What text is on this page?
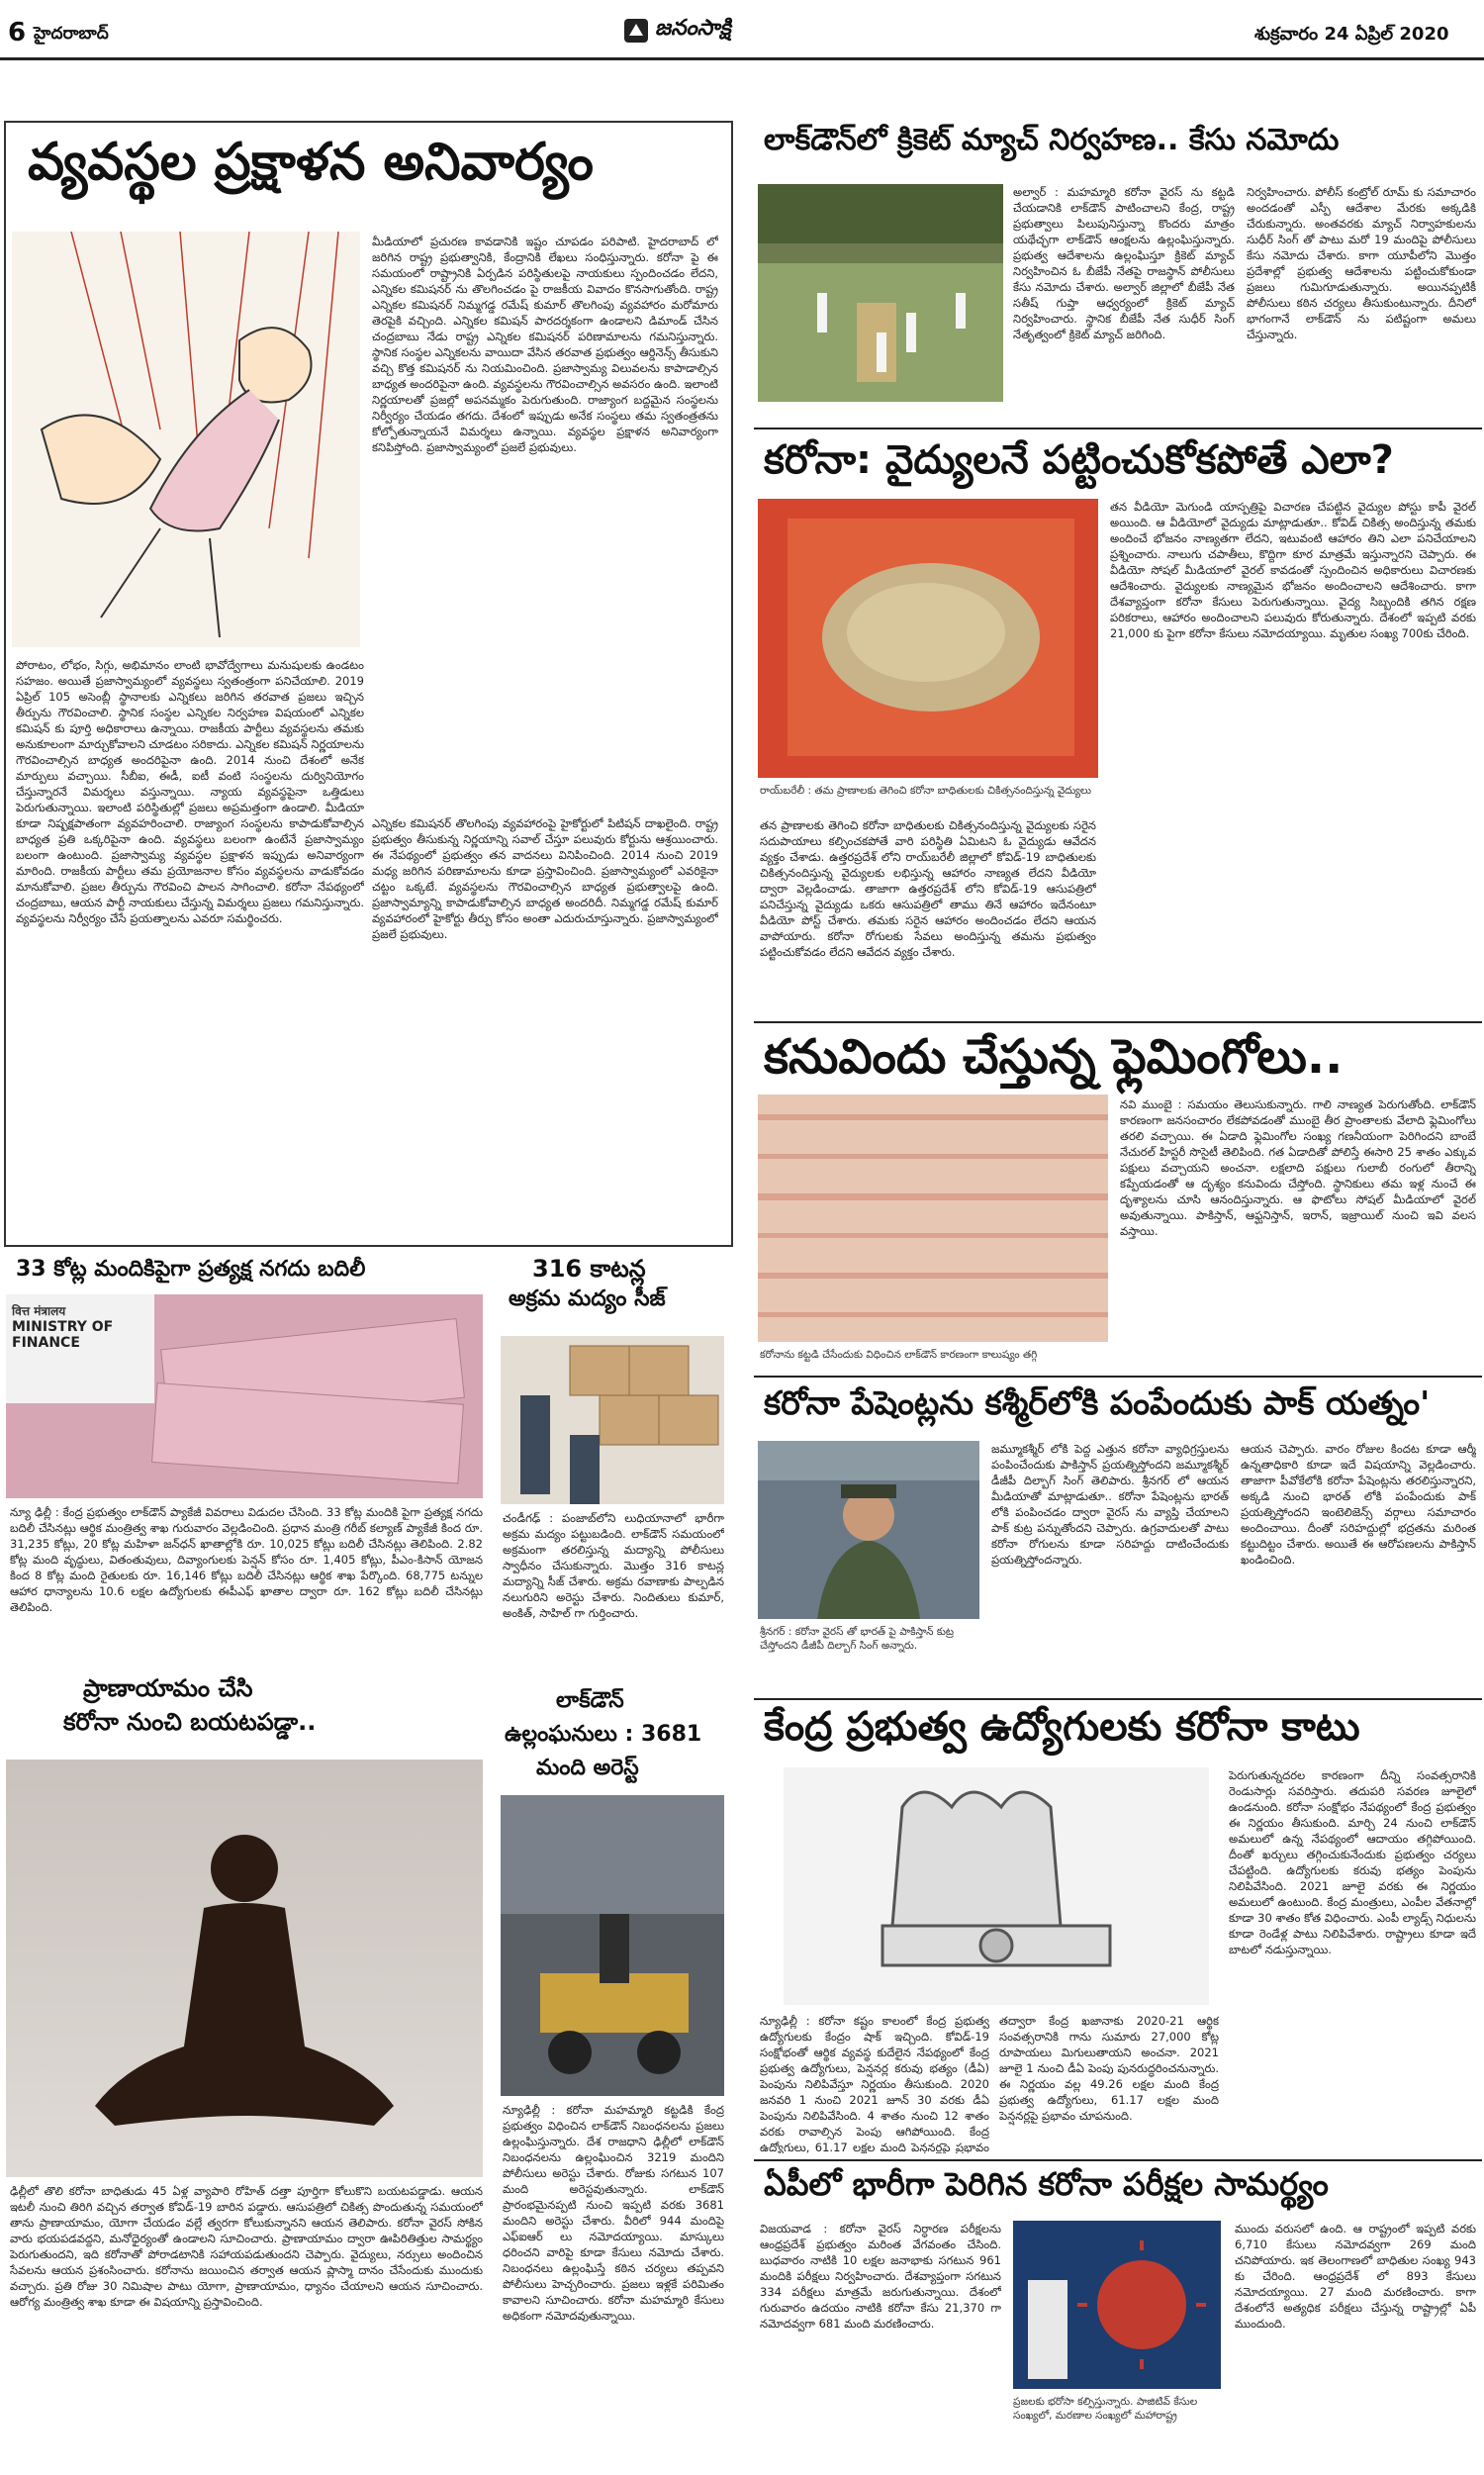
6 హైదరాబాద్	జనంసాక్షి	శుక్రవారం 24 ఏప్రిల్ 2020
వ్యవస్థల ప్రక్షాళన అనివార్యం
మీడియాలో ప్రచురణ కావడానికి ఇష్టం చూపడం పరిపాటి. హైదరాబాద్ లో జరిగిన రాష్ట్ర ప్రభుత్వానికి, కేంద్రానికి లేఖలు సంధిస్తున్నారు. కరోనా పై ఈ సమయంలో రాష్ట్రానికి ఏర్పడిన పరిస్థితులపై నాయకులు స్పందించడం లేదని, ఎన్నికల కమిషనర్ ను తొలగించడం పై రాజకీయ వివాదం కొనసాగుతోంది. రాష్ట్ర ఎన్నికల కమిషనర్ నిమ్మగడ్డ రమేష్ కుమార్ తొలగింపు వ్యవహారం మరోమారు తెరపైకి వచ్చింది. ఎన్నికల కమిషన్ పారదర్శకంగా ఉండాలని డిమాండ్ చేసిన చంద్రబాబు నేడు రాష్ట్ర ఎన్నికల కమిషనర్ పరిణామాలను గమనిస్తున్నారు. స్థానిక సంస్థల ఎన్నికలను వాయిదా వేసిన తరవాత ప్రభుత్వం ఆర్డినెన్స్ తీసుకుని వచ్చి కొత్త కమిషనర్ ను నియమించింది. ప్రజాస్వామ్య విలువలను కాపాడాల్సిన బాధ్యత అందరిపైనా ఉంది. వ్యవస్థలను గౌరవించాల్సిన అవసరం ఉంది. ఇలాంటి నిర్ణయాలతో ప్రజల్లో అపనమ్మకం పెరుగుతుంది. రాజ్యాంగ బద్దమైన సంస్థలను నిర్వీర్యం చేయడం తగదు. దేశంలో ఇప్పుడు అనేక సంస్థలు తమ స్వతంత్రతను కోల్పోతున్నాయనే విమర్శలు ఉన్నాయి. వ్యవస్థల ప్రక్షాళన అనివార్యంగా కనిపిస్తోంది. ప్రజాస్వామ్యంలో ప్రజలే ప్రభువులు.
పోరాటం, లోభం, సిగ్గు, అభిమానం లాంటి భావోద్వేగాలు మనుషులకు ఉండటం సహజం. అయితే ప్రజాస్వామ్యంలో వ్యవస్థలు స్వతంత్రంగా పనిచేయాలి. 2019 ఏప్రిల్ 105 అసెంబ్లీ స్థానాలకు ఎన్నికలు జరిగిన తరవాత ప్రజలు ఇచ్చిన తీర్పును గౌరవించాలి. స్థానిక సంస్థల ఎన్నికల నిర్వహణ విషయంలో ఎన్నికల కమిషన్ కు పూర్తి అధికారాలు ఉన్నాయి. రాజకీయ పార్టీలు వ్యవస్థలను తమకు అనుకూలంగా మార్చుకోవాలని చూడటం సరికాదు. ఎన్నికల కమిషన్ నిర్ణయాలను గౌరవించాల్సిన బాధ్యత అందరిపైనా ఉంది. 2014 నుంచి దేశంలో అనేక మార్పులు వచ్చాయి. సీబీఐ, ఈడీ, ఐటీ వంటి సంస్థలను దుర్వినియోగం చేస్తున్నారనే విమర్శలు వస్తున్నాయి. న్యాయ వ్యవస్థపైనా ఒత్తిడులు పెరుగుతున్నాయి. ఇలాంటి పరిస్థితుల్లో ప్రజలు అప్రమత్తంగా ఉండాలి. మీడియా కూడా నిష్పక్షపాతంగా వ్యవహరించాలి. రాజ్యాంగ సంస్థలను కాపాడుకోవాల్సిన బాధ్యత ప్రతి ఒక్కరిపైనా ఉంది. వ్యవస్థలు బలంగా ఉంటేనే ప్రజాస్వామ్యం బలంగా ఉంటుంది. ప్రజాస్వామ్య వ్యవస్థల ప్రక్షాళన ఇప్పుడు అనివార్యంగా మారింది. రాజకీయ పార్టీలు తమ ప్రయోజనాల కోసం వ్యవస్థలను వాడుకోవడం మానుకోవాలి. ప్రజల తీర్పును గౌరవించి పాలన సాగించాలి. కరోనా నేపథ్యంలో చంద్రబాబు, ఆయన పార్టీ నాయకులు చేస్తున్న విమర్శలు ప్రజలు గమనిస్తున్నారు. వ్యవస్థలను నిర్వీర్యం చేసే ప్రయత్నాలను ఎవరూ సమర్థించరు.
ఎన్నికల కమిషనర్ తొలగింపు వ్యవహారంపై హైకోర్టులో పిటిషన్ దాఖలైంది. రాష్ట్ర ప్రభుత్వం తీసుకున్న నిర్ణయాన్ని సవాల్ చేస్తూ పలువురు కోర్టును ఆశ్రయించారు. ఈ నేపథ్యంలో ప్రభుత్వం తన వాదనలు వినిపించింది. 2014 నుంచి 2019 మధ్య జరిగిన పరిణామాలను కూడా ప్రస్తావించింది. ప్రజాస్వామ్యంలో ఎవరికైనా చట్టం ఒక్కటే. వ్యవస్థలను గౌరవించాల్సిన బాధ్యత ప్రభుత్వాలపై ఉంది. ప్రజాస్వామ్యాన్ని కాపాడుకోవాల్సిన బాధ్యత అందరిదీ. నిమ్మగడ్డ రమేష్ కుమార్ వ్యవహారంలో హైకోర్టు తీర్పు కోసం అంతా ఎదురుచూస్తున్నారు. ప్రజాస్వామ్యంలో ప్రజలే ప్రభువులు.
లాక్‌డౌన్‌లో క్రికెట్ మ్యాచ్ నిర్వహణ.. కేసు నమోదు
అల్వార్ : మహమ్మారి కరోనా వైరస్ ను కట్టడి చేయడానికి లాక్‌డౌన్ పాటించాలని కేంద్ర, రాష్ట్ర ప్రభుత్వాలు పిలుపునిస్తున్నా కొందరు మాత్రం యథేచ్ఛగా లాక్‌డౌన్ ఆంక్షలను ఉల్లంఘిస్తున్నారు. ప్రభుత్వ ఆదేశాలను ఉల్లంఘిస్తూ క్రికెట్ మ్యాచ్ నిర్వహించిన ఓ బీజేపీ నేతపై రాజస్థాన్ పోలీసులు కేసు నమోదు చేశారు. అల్వార్ జిల్లాలో బీజేపీ నేత సతీష్ గుప్తా ఆధ్వర్యంలో క్రికెట్ మ్యాచ్ నిర్వహించారు. స్థానిక బీజేపీ నేత సుధీర్ సింగ్ నేతృత్వంలో క్రికెట్ మ్యాచ్ జరిగింది.
నిర్వహించారు. పోలీస్ కంట్రోల్ రూమ్ కు సమాచారం అందడంతో ఎస్పీ ఆదేశాల మేరకు అక్కడికి చేరుకున్నారు. అంతవరకు మ్యాచ్ నిర్వాహకులను సుధీర్ సింగ్ తో పాటు మరో 19 మందిపై పోలీసులు కేసు నమోదు చేశారు. కాగా యూపీలోని మొత్తం ప్రదేశాల్లో ప్రభుత్వ ఆదేశాలను పట్టించుకోకుండా ప్రజలు గుమిగూడుతున్నారు. అయినప్పటికీ పోలీసులు కఠిన చర్యలు తీసుకుంటున్నారు. దీనిలో భాగంగానే లాక్‌డౌన్ ను పటిష్టంగా అమలు చేస్తున్నారు.
కరోనా: వైద్యులనే పట్టించుకోకపోతే ఎలా?
రాయ్‌బరేలీ : తమ ప్రాణాలకు తెగించి కరోనా బాధితులకు చికిత్సనందిస్తున్న వైద్యులు
తన ప్రాణాలకు తెగించి కరోనా బాధితులకు చికిత్సనందిస్తున్న వైద్యులకు సరైన సదుపాయాలు కల్పించకపోతే వారి పరిస్థితి ఏమిటని ఓ వైద్యుడు ఆవేదన వ్యక్తం చేశాడు. ఉత్తరప్రదేశ్ లోని రాయ్‌బరేలీ జిల్లాలో కోవిడ్-19 బాధితులకు చికిత్సనందిస్తున్న వైద్యులకు లభిస్తున్న ఆహారం నాణ్యత లేదని వీడియో ద్వారా వెల్లడించాడు. తాజాగా ఉత్తరప్రదేశ్ లోని కోవిడ్-19 ఆసుపత్రిలో పనిచేస్తున్న వైద్యుడు ఒకరు ఆసుపత్రిలో తాము తినే ఆహారం ఇదేనంటూ వీడియో పోస్ట్ చేశారు. తమకు సరైన ఆహారం అందించడం లేదని ఆయన వాపోయారు. కరోనా రోగులకు సేవలు అందిస్తున్న తమను ప్రభుత్వం పట్టించుకోవడం లేదని ఆవేదన వ్యక్తం చేశారు.
తన వీడియో మెగుండి యాస్పత్రిపై విచారణ చేపట్టిన వైద్యుల పోస్టు కాపీ వైరల్ అయింది. ఆ వీడియోలో వైద్యుడు మాట్లాడుతూ.. కోవిడ్ చికిత్స అందిస్తున్న తమకు అందించే భోజనం నాణ్యతగా లేదని, ఇటువంటి ఆహారం తిని ఎలా పనిచేయాలని ప్రశ్నించారు. నాలుగు చపాతీలు, కొద్దిగా కూర మాత్రమే ఇస్తున్నారని చెప్పారు. ఈ వీడియో సోషల్ మీడియాలో వైరల్ కావడంతో స్పందించిన అధికారులు విచారణకు ఆదేశించారు. వైద్యులకు నాణ్యమైన భోజనం అందించాలని ఆదేశించారు. కాగా దేశవ్యాప్తంగా కరోనా కేసులు పెరుగుతున్నాయి. వైద్య సిబ్బందికి తగిన రక్షణ పరికరాలు, ఆహారం అందించాలని పలువురు కోరుతున్నారు. దేశంలో ఇప్పటి వరకు 21,000 కు పైగా కరోనా కేసులు నమోదయ్యాయి. మృతుల సంఖ్య 700కు చేరింది.
కనువిందు చేస్తున్న ఫ్లెమింగోలు..
కరోనాను కట్టడి చేసేందుకు విధించిన లాక్‌డౌన్ కారణంగా కాలుష్యం తగ్గి
నవి ముంబై : సమయం తెలుసుకున్నారు. గాలి నాణ్యత పెరుగుతోంది. లాక్‌డౌన్ కారణంగా జనసంచారం లేకపోవడంతో ముంబై తీర ప్రాంతాలకు వేలాది ఫ్లెమింగోలు తరలి వచ్చాయి. ఈ ఏడాది ఫ్లెమింగోల సంఖ్య గణనీయంగా పెరిగిందని బాంబే నేచురల్ హిస్టరీ సొసైటీ తెలిపింది. గత ఏడాదితో పోలిస్తే ఈసారి 25 శాతం ఎక్కువ పక్షులు వచ్చాయని అంచనా. లక్షలాది పక్షులు గులాబీ రంగులో తీరాన్ని కప్పేయడంతో ఆ దృశ్యం కనువిందు చేస్తోంది. స్థానికులు తమ ఇళ్ల నుంచే ఈ దృశ్యాలను చూసి ఆనందిస్తున్నారు. ఆ ఫొటోలు సోషల్ మీడియాలో వైరల్ అవుతున్నాయి. పాకిస్తాన్, ఆఫ్ఘనిస్తాన్, ఇరాన్, ఇజ్రాయిల్ నుంచి ఇవి వలస వస్తాయి.
కరోనా పేషెంట్లను కశ్మీర్‌లోకి పంపేందుకు పాక్ యత్నం'
శ్రీనగర్ : కరోనా వైరస్ తో భారత్ పై పాకిస్తాన్ కుట్ర చేస్తోందని డీజీపీ దిల్బాగ్ సింగ్ అన్నారు.
జమ్మూకశ్మీర్ లోకి పెద్ద ఎత్తున కరోనా వ్యాధిగ్రస్తులను పంపించేందుకు పాకిస్తాన్ ప్రయత్నిస్తోందని జమ్మూకశ్మీర్ డీజీపీ దిల్బాగ్ సింగ్ తెలిపారు. శ్రీనగర్ లో ఆయన మీడియాతో మాట్లాడుతూ.. కరోనా పేషెంట్లను భారత్ లోకి పంపించడం ద్వారా వైరస్ ను వ్యాప్తి చేయాలని పాక్ కుట్ర పన్నుతోందని చెప్పారు. ఉగ్రవాదులతో పాటు కరోనా రోగులను కూడా సరిహద్దు దాటించేందుకు ప్రయత్నిస్తోందన్నారు.
ఆయన చెప్పారు. వారం రోజుల కిందట కూడా ఆర్మీ ఉన్నతాధికారి కూడా ఇదే విషయాన్ని వెల్లడించారు. తాజాగా పీవోకేలోకి కరోనా పేషెంట్లను తరలిస్తున్నారని, అక్కడి నుంచి భారత్ లోకి పంపేందుకు పాక్ ప్రయత్నిస్తోందని ఇంటెలిజెన్స్ వర్గాలు సమాచారం అందించాయి. దీంతో సరిహద్దుల్లో భద్రతను మరింత కట్టుదిట్టం చేశారు. అయితే ఈ ఆరోపణలను పాకిస్తాన్ ఖండించింది.
కేంద్ర ప్రభుత్వ ఉద్యోగులకు కరోనా కాటు
పెరుగుతున్నదరల కారణంగా దీన్ని సంవత్సరానికి రెండుసార్లు సవరిస్తారు. తదుపరి సవరణ జూలైలో ఉండనుంది. కరోనా సంక్షోభం నేపథ్యంలో కేంద్ర ప్రభుత్వం ఈ నిర్ణయం తీసుకుంది. మార్చి 24 నుంచి లాక్‌డౌన్ అమలులో ఉన్న నేపథ్యంలో ఆదాయం తగ్గిపోయింది. దీంతో ఖర్చులు తగ్గించుకునేందుకు ప్రభుత్వం చర్యలు చేపట్టింది. ఉద్యోగులకు కరువు భత్యం పెంపును నిలిపివేసింది. 2021 జూలై వరకు ఈ నిర్ణయం అమలులో ఉంటుంది. కేంద్ర మంత్రులు, ఎంపీల వేతనాల్లో కూడా 30 శాతం కోత విధించారు. ఎంపీ ల్యాడ్స్ నిధులను కూడా రెండేళ్ల పాటు నిలిపివేశారు. రాష్ట్రాలు కూడా ఇదే బాటలో నడుస్తున్నాయి.
న్యూఢిల్లీ : కరోనా కష్టం కాలంలో కేంద్ర ప్రభుత్వ ఉద్యోగులకు కేంద్రం షాక్ ఇచ్చింది. కోవిడ్-19 సంక్షోభంతో ఆర్థిక వ్యవస్థ కుదేలైన నేపథ్యంలో కేంద్ర ప్రభుత్వ ఉద్యోగులు, పెన్షనర్ల కరువు భత్యం (డీఏ) పెంపును నిలిపివేస్తూ నిర్ణయం తీసుకుంది. 2020 జనవరి 1 నుంచి 2021 జూన్ 30 వరకు డీఏ పెంపును నిలిపివేసింది. 4 శాతం నుంచి 12 శాతం వరకు రావాల్సిన పెంపు ఆగిపోయింది. కేంద్ర ఉద్యోగులు, 61.17 లక్షల మంది పెన్షనర్లపై ప్రభావం
తద్వారా కేంద్ర ఖజానాకు 2020-21 ఆర్థిక సంవత్సరానికి గాను సుమారు 27,000 కోట్ల రూపాయలు మిగులుతాయని అంచనా. 2021 జూలై 1 నుంచి డీఏ పెంపు పునరుద్ధరించనున్నారు. ఈ నిర్ణయం వల్ల 49.26 లక్షల మంది కేంద్ర ప్రభుత్వ ఉద్యోగులు, 61.17 లక్షల మంది పెన్షనర్లపై ప్రభావం చూపనుంది.
ఏపీలో భారీగా పెరిగిన కరోనా పరీక్షల సామర్థ్యం
విజయవాడ : కరోనా వైరస్ నిర్ధారణ పరీక్షలను ఆంధ్రప్రదేశ్ ప్రభుత్వం మరింత వేగవంతం చేసింది. బుధవారం నాటికి 10 లక్షల జనాభాకు సగటున 961 మందికి పరీక్షలు నిర్వహించారు. దేశవ్యాప్తంగా సగటున 334 పరీక్షలు మాత్రమే జరుగుతున్నాయి. దేశంలో గురువారం ఉదయం నాటికి కరోనా కేసు 21,370 గా నమోదవ్వగా 681 మంది మరణించారు.
ప్రజలకు భరోసా కల్పిస్తున్నారు. పాజిటివ్ కేసుల సంఖ్యలో, మరణాల సంఖ్యలో మహారాష్ట్ర
ముందు వరుసలో ఉంది. ఆ రాష్ట్రంలో ఇప్పటి వరకు 6,710 కేసులు నమోదవ్వగా 269 మంది చనిపోయారు. ఇక తెలంగాణలో బాధితుల సంఖ్య 943 కు చేరింది. ఆంధ్రప్రదేశ్ లో 893 కేసులు నమోదయ్యాయి. 27 మంది మరణించారు. కాగా దేశంలోనే అత్యధిక పరీక్షలు చేస్తున్న రాష్ట్రాల్లో ఏపీ ముందుంది.
33 కోట్ల మందికిపైగా ప్రత్యక్ష నగదు బదిలీ
वित्त मंत्रालय
MINISTRY OF FINANCE
న్యూ ఢిల్లీ : కేంద్ర ప్రభుత్వం లాక్‌డౌన్ ప్యాకేజీ వివరాలు విడుదల చేసింది. 33 కోట్ల మందికి పైగా ప్రత్యక్ష నగదు బదిలీ చేసినట్లు ఆర్థిక మంత్రిత్వ శాఖ గురువారం వెల్లడించింది. ప్రధాన మంత్రి గరీబ్ కల్యాణ్ ప్యాకేజీ కింద రూ. 31,235 కోట్లు, 20 కోట్ల మహిళా జన్‌ధన్ ఖాతాల్లోకి రూ. 10,025 కోట్లు బదిలీ చేసినట్లు తెలిపింది. 2.82 కోట్ల మంది వృద్ధులు, వితంతువులు, దివ్యాంగులకు పెన్షన్ కోసం రూ. 1,405 కోట్లు, పీఎం-కిసాన్ యోజన కింద 8 కోట్ల మంది రైతులకు రూ. 16,146 కోట్లు బదిలీ చేసినట్లు ఆర్థిక శాఖ పేర్కొంది. 68,775 టన్నుల ఆహార ధాన్యాలను 10.6 లక్షల ఉద్యోగులకు ఈపీఎఫ్ ఖాతాల ద్వారా రూ. 162 కోట్లు బదిలీ చేసినట్లు తెలిపింది.
ప్రాణాయామం చేసి
కరోనా నుంచి బయటపడ్డా..
ఢిల్లీలో తొలి కరోనా బాధితుడు 45 ఏళ్ల వ్యాపారి రోహిత్ దత్తా పూర్తిగా కోలుకొని బయటపడ్డాడు. ఆయన ఇటలీ నుంచి తిరిగి వచ్చిన తర్వాత కోవిడ్-19 బారిన పడ్డారు. ఆసుపత్రిలో చికిత్స పొందుతున్న సమయంలో తాను ప్రాణాయామం, యోగా చేయడం వల్లే త్వరగా కోలుకున్నానని ఆయన తెలిపారు. కరోనా వైరస్ సోకిన వారు భయపడవద్దని, మనోధైర్యంతో ఉండాలని సూచించారు. ప్రాణాయామం ద్వారా ఊపిరితిత్తుల సామర్థ్యం పెరుగుతుందని, ఇది కరోనాతో పోరాడటానికి సహాయపడుతుందని చెప్పారు. వైద్యులు, నర్సులు అందించిన సేవలను ఆయన ప్రశంసించారు. కరోనాను జయించిన తర్వాత ఆయన ప్లాస్మా దానం చేసేందుకు ముందుకు వచ్చారు. ప్రతి రోజు 30 నిమిషాల పాటు యోగా, ప్రాణాయామం, ధ్యానం చేయాలని ఆయన సూచించారు. ఆరోగ్య మంత్రిత్వ శాఖ కూడా ఈ విషయాన్ని ప్రస్తావించింది.
316 కాటన్ల
అక్రమ మద్యం సీజ్
చండీగఢ్ : పంజాబ్‌లోని లుధియానాలో భారీగా అక్రమ మద్యం పట్టుబడింది. లాక్‌డౌన్ సమయంలో అక్రమంగా తరలిస్తున్న మద్యాన్ని పోలీసులు స్వాధీనం చేసుకున్నారు. మొత్తం 316 కాటన్ల మద్యాన్ని సీజ్ చేశారు. అక్రమ రవాణాకు పాల్పడిన నలుగురిని అరెస్టు చేశారు. నిందితులు కుమార్, అంకిత్, సాహిల్ గా గుర్తించారు.
లాక్‌డౌన్
ఉల్లంఘనులు : 3681
మంది అరెస్ట్
న్యూఢిల్లీ : కరోనా మహమ్మారి కట్టడికి కేంద్ర ప్రభుత్వం విధించిన లాక్‌డౌన్ నిబంధనలను ప్రజలు ఉల్లంఘిస్తున్నారు. దేశ రాజధాని ఢిల్లీలో లాక్‌డౌన్ నిబంధనలను ఉల్లంఘించిన 3219 మందిని పోలీసులు అరెస్టు చేశారు. రోజుకు సగటున 107 మంది అరెస్టవుతున్నారు. లాక్‌డౌన్ ప్రారంభమైనప్పటి నుంచి ఇప్పటి వరకు 3681 మందిని అరెస్టు చేశారు. వీరిలో 944 మందిపై ఎఫ్ఐఆర్ లు నమోదయ్యాయి. మాస్కులు ధరించని వారిపై కూడా కేసులు నమోదు చేశారు. నిబంధనలు ఉల్లంఘిస్తే కఠిన చర్యలు తప్పవని పోలీసులు హెచ్చరించారు. ప్రజలు ఇళ్లకే పరిమితం కావాలని సూచించారు. కరోనా మహమ్మారి కేసులు అధికంగా నమోదవుతున్నాయి.
